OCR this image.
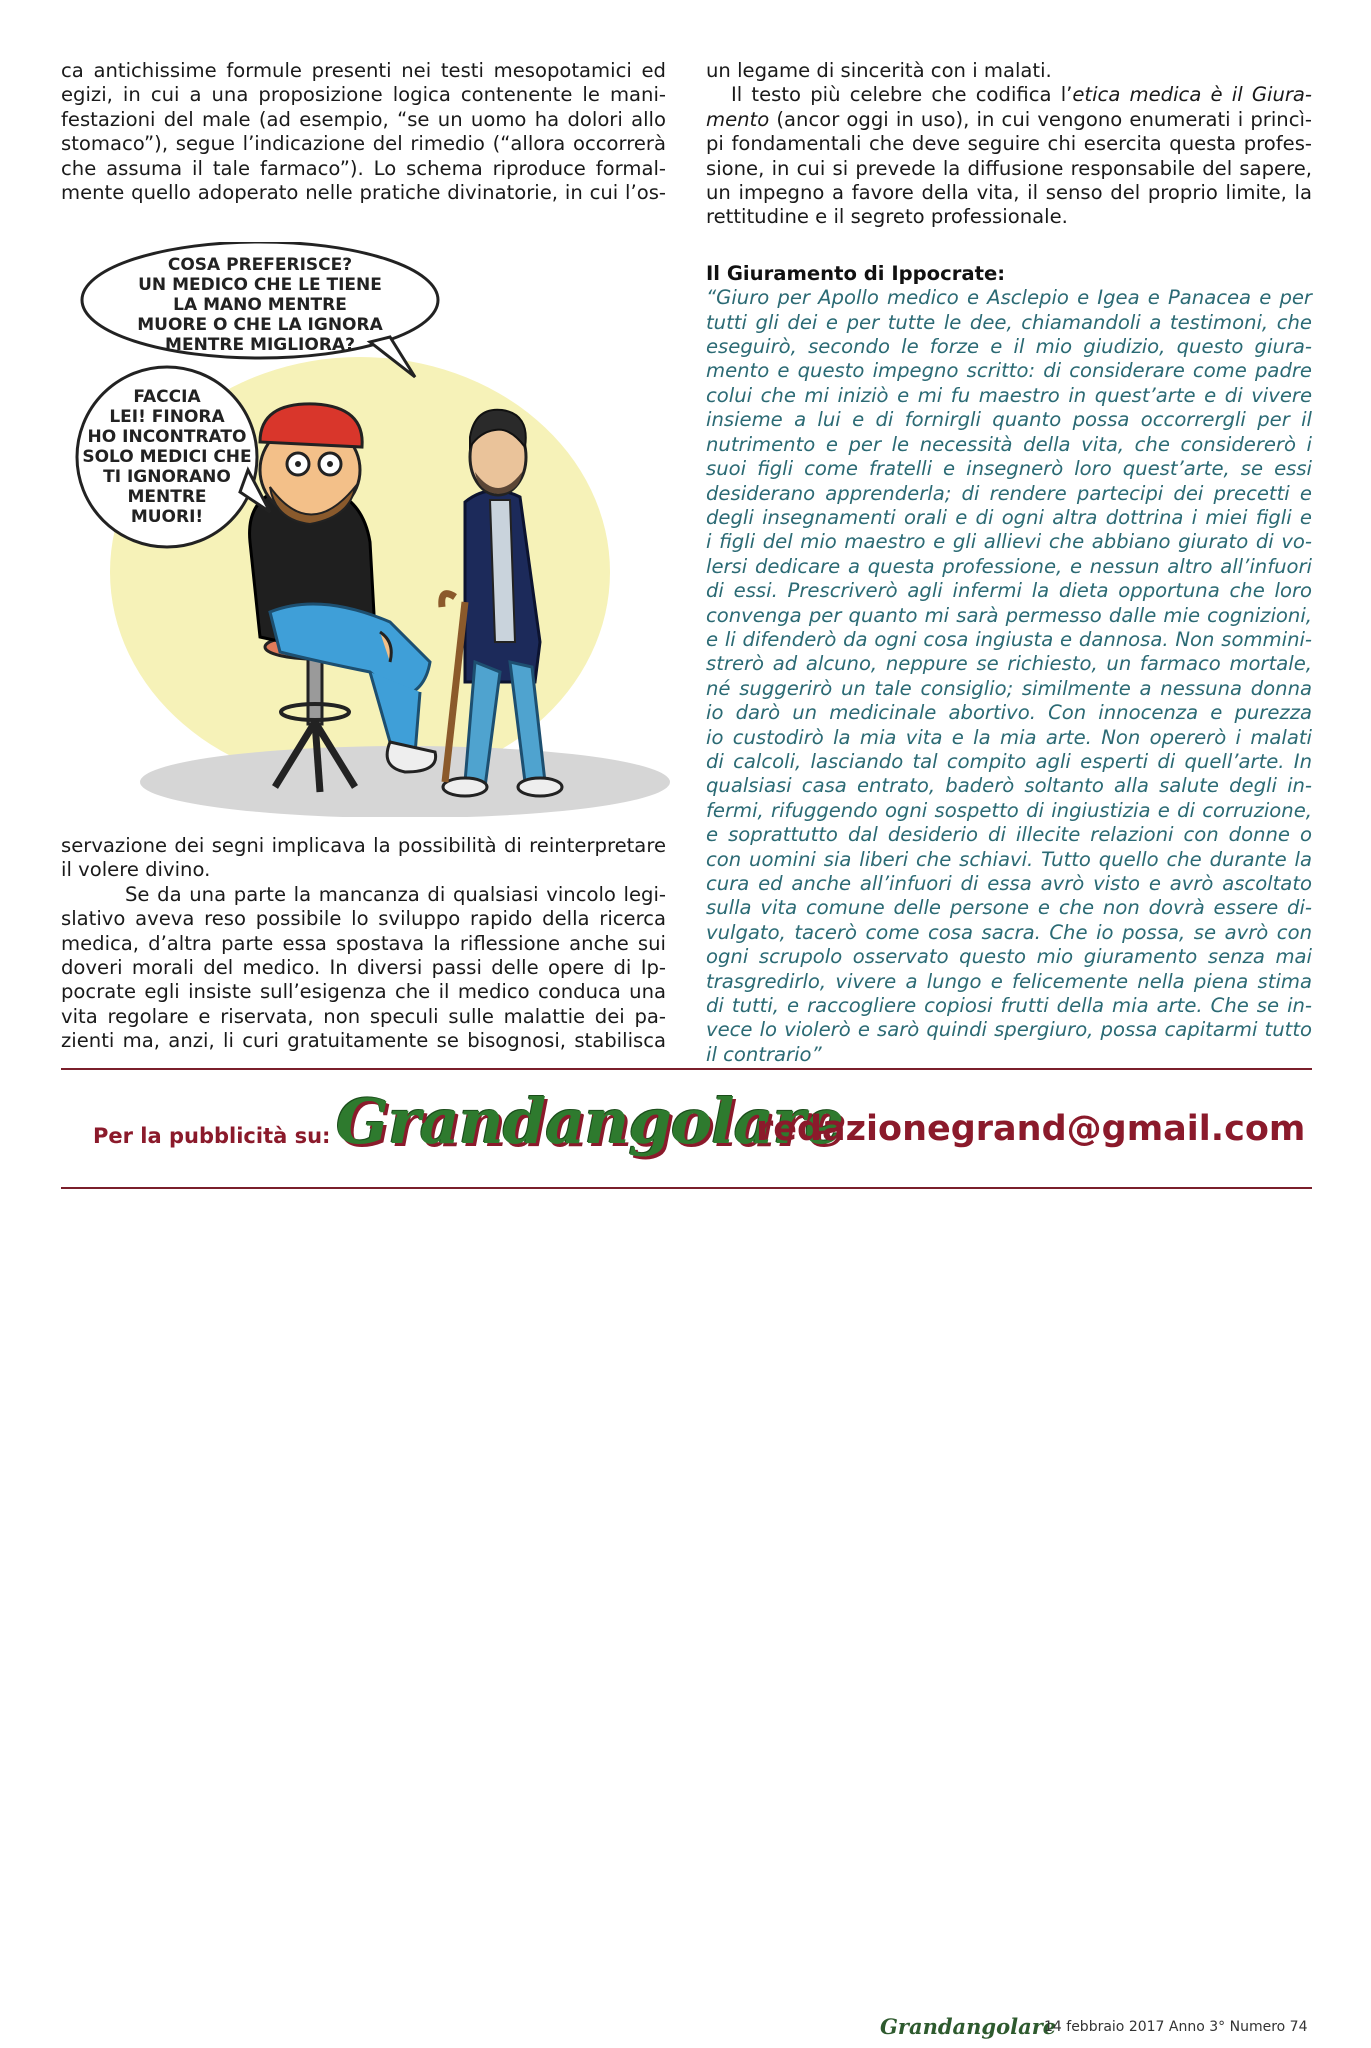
ca antichissime formule presenti nei testi mesopotamici ed
egizi, in cui a una proposizione logica contenente le mani-
festazioni del male (ad esempio, “se un uomo ha dolori allo
stomaco”), segue l’indicazione del rimedio (“allora occorrerà
che assuma il tale farmaco”). Lo schema riproduce formal-
mente quello adoperato nelle pratiche divinatorie, in cui l’os-

COSA PREFERISCE?
UN MEDICO CHE LE TIENE
LA MANO MENTRE
MUORE O CHE LA IGNORA
MENTRE MIGLIORA?
FACCIA
LEI! FINORA
HO INCONTRATO
SOLO MEDICI CHE
TI IGNORANO
MENTRE
MUORI!

servazione dei segni implicava la possibilità di reinterpretare
il volere divino.

Se da una parte la mancanza di qualsiasi vincolo legi-
slativo aveva reso possibile lo sviluppo rapido della ricerca
medica, d’altra parte essa spostava la riflessione anche sui
doveri morali del medico. In diversi passi delle opere di Ip-
pocrate egli insiste sull’esigenza che il medico conduca una
vita regolare e riservata, non speculi sulle malattie dei pa-
zienti ma, anzi, li curi gratuitamente se bisognosi, stabilisca

un legame di sincerità con i malati.

Il testo più celebre che codifica l’etica medica è il Giura-
mento (ancor oggi in uso), in cui vengono enumerati i princì-
pi fondamentali che deve seguire chi esercita questa profes-
sione, in cui si prevede la diffusione responsabile del sapere,
un impegno a favore della vita, il senso del proprio limite, la
rettitudine e il segreto professionale.

Il Giuramento di Ippocrate:

“Giuro per Apollo medico e Asclepio e Igea e Panacea e per
tutti gli dei e per tutte le dee, chiamandoli a testimoni, che
eseguirò, secondo le forze e il mio giudizio, questo giura-
mento e questo impegno scritto: di considerare come padre
colui che mi iniziò e mi fu maestro in quest’arte e di vivere
insieme a lui e di fornirgli quanto possa occorrergli per il
nutrimento e per le necessità della vita, che considererò i
suoi figli come fratelli e insegnerò loro quest’arte, se essi
desiderano apprenderla; di rendere partecipi dei precetti e
degli insegnamenti orali e di ogni altra dottrina i miei figli e
i figli del mio maestro e gli allievi che abbiano giurato di vo-
lersi dedicare a questa professione, e nessun altro all’infuori
di essi. Prescriverò agli infermi la dieta opportuna che loro
convenga per quanto mi sarà permesso dalle mie cognizioni,
e li difenderò da ogni cosa ingiusta e dannosa. Non sommini-
strerò ad alcuno, neppure se richiesto, un farmaco mortale,
né suggerirò un tale consiglio; similmente a nessuna donna
io darò un medicinale abortivo. Con innocenza e purezza
io custodirò la mia vita e la mia arte. Non opererò i malati
di calcoli, lasciando tal compito agli esperti di quell’arte. In
qualsiasi casa entrato, baderò soltanto alla salute degli in-
fermi, rifuggendo ogni sospetto di ingiustizia e di corruzione,
e soprattutto dal desiderio di illecite relazioni con donne o
con uomini sia liberi che schiavi. Tutto quello che durante la
cura ed anche all’infuori di essa avrò visto e avrò ascoltato
sulla vita comune delle persone e che non dovrà essere di-
vulgato, tacerò come cosa sacra. Che io possa, se avrò con
ogni scrupolo osservato questo mio giuramento senza mai
trasgredirlo, vivere a lungo e felicemente nella piena stima
di tutti, e raccogliere copiosi frutti della mia arte. Che se in-
vece lo violerò e sarò quindi spergiuro, possa capitarmi tutto
il contrario”

Per la pubblicità su: Grandangolare
redazionegrand@gmail.com
Grandangolare
14 febbraio 2017 Anno 3° Numero 74
